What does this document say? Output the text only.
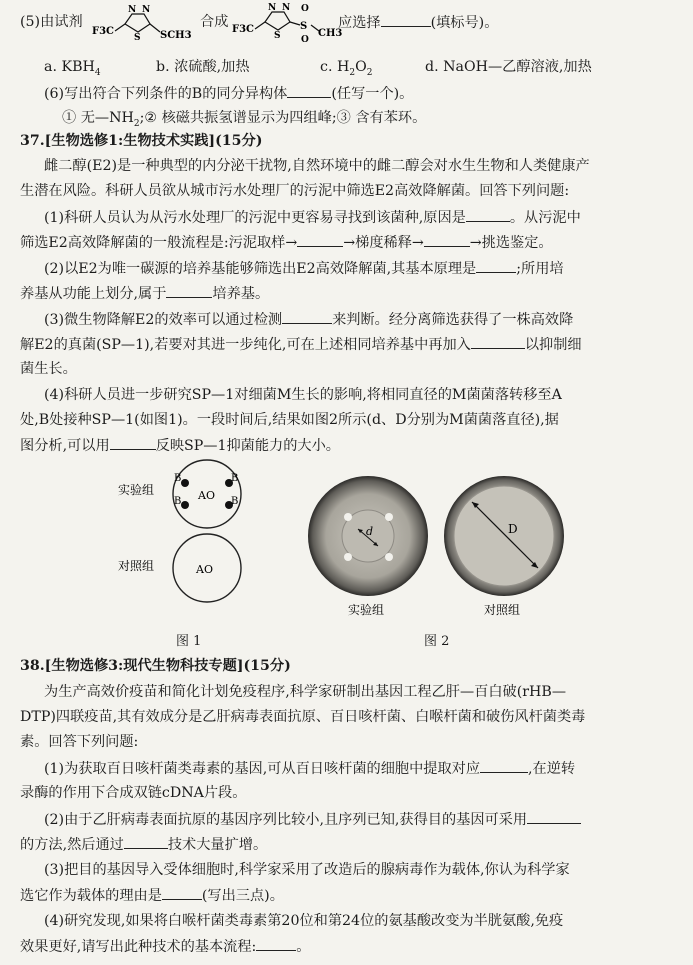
(5)由试剂
F3C
N N
S SCH3
合成 F3C
N N
S
S
O
O
CH3
应选择	(填标号)。
a. $KBH_4$	b. 浓硫酸,加热	c. $H_2O_2$	d. NaOH—乙醇溶液,加热
(6)写出符合下列条件的B的同分异构体	(任写一个)。
① 无$—NH_2;②$ 核磁共振氢谱显示为四组峰;③ 含有苯环。
37.[生物选修1:生物技术实践](15分)
雌二醇(E2)是一种典型的内分泌干扰物,自然环境中的雌二醇会对水生生物和人类健康产
生潜在风险。科研人员欲从城市污水处理厂的污泥中筛选E2高效降解菌。回答下列问题:
(1)科研人员认为从污水处理厂的污泥中更容易寻找到该菌种,原因是	。从污泥中
筛选E2高效降解菌的一般流程是:污泥取样→	→梯度稀释→	→挑选鉴定。
(2)以E2为唯一碳源的培养基能够筛选出E2高效降解菌,其基本原理是	;所用培
养基从功能上划分,属于	培养基。
(3)微生物降解E2的效率可以通过检测	来判断。经分离筛选获得了一株高效降
解E2的真菌(SP—1),若要对其进一步纯化,可在上述相同培养基中再加入	以抑制细
菌生长。
(4)科研人员进一步研究SP—1对细菌M生长的影响,将相同直径的M菌菌落转移至A
处,B处接种SP—1(如图1)。一段时间后,结果如图2所示(d、D分别为M菌菌落直径),据
图分析,可以用	反映SP—1抑菌能力的大小。
实验组	AO
B	B
B	B
对照组	AO
图 1
d	D
实验组	对照组
图 2
38.[生物选修3:现代生物科技专题](15分)
为生产高效价疫苗和简化计划免疫程序,科学家研制出基因工程乙肝—百白破(rHB—
DTP)四联疫苗,其有效成分是乙肝病毒表面抗原、百日咳杆菌、白喉杆菌和破伤风杆菌类毒
素。回答下列问题:
(1)为获取百日咳杆菌类毒素的基因,可从百日咳杆菌的细胞中提取对应	,在逆转
录酶的作用下合成双链cDNA片段。
(2)由于乙肝病毒表面抗原的基因序列比较小,且序列已知,获得目的基因可采用
的方法,然后通过	技术大量扩增。
(3)把目的基因导入受体细胞时,科学家采用了改造后的腺病毒作为载体,你认为科学家
选它作为载体的理由是	(写出三点)。
(4)研究发现,如果将白喉杆菌类毒素第20位和第24位的氨基酸改变为半胱氨酸,免疫
效果更好,请写出此种技术的基本流程:	。
